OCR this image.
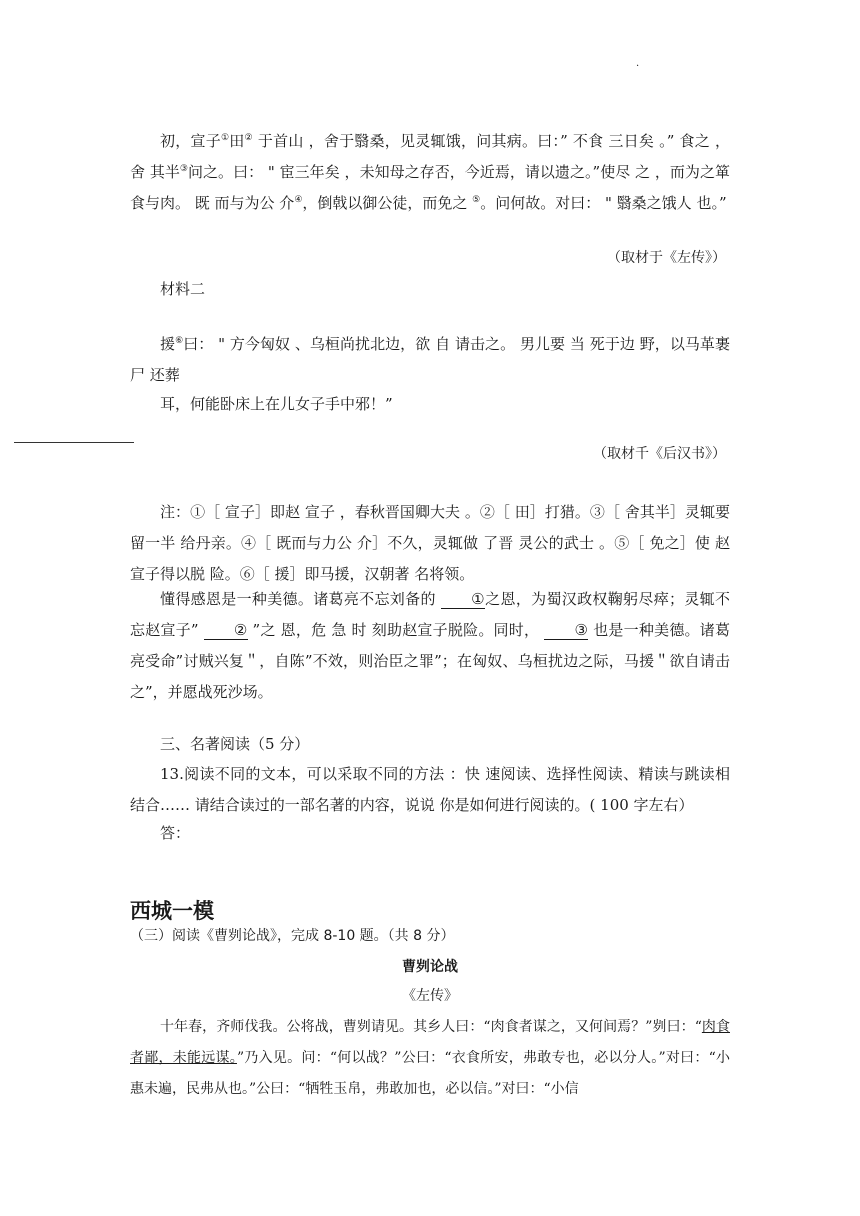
.

初，宣子①田② 于首山 ，舍于翳桑，见灵辄饿，问其病。曰：” 不食 三日矣 。” 食之 ，舍 其半③问之。曰： " 宦三年矣 ，未知母之存否，今近焉，请以遗之。”使尽 之 ，而为之箪食与肉。 既 而与为公 介④，倒戟以御公徒，而免之 ⑤。问何故。对曰： " 翳桑之饿人 也。”

（取材于《左传》）
材料二

援⑥曰： " 方今匈奴 、乌桓尚扰北边，欲 自 请击之。 男儿要 当 死于边 野，以马革裹尸 还葬

耳，何能卧床上在儿女子手中邪！”

（取材千《后汉书》）

注：①［ 宣子］即赵 宣子 ，春秋晋国卿大夫 。②［ 田］打猎。③［ 舍其半］灵辄要 留一半 给丹亲。④［ 既而与力公 介］不久，灵辄做 了晋 灵公的武士 。⑤［ 免之］使 赵宣子得以脱 险。⑥［ 援］即马援，汉朝著 名将领。

懂得感恩是一种美德。诸葛亮不忘刘备的 ①之恩，为蜀汉政权鞠躬尽瘁；灵辄不忘赵宣子” ② ”之 恩，危 急 时 刻助赵宣子脱险。同时， ③ 也是一种美德。诸葛亮受命”讨贼兴复＂，自陈”不效，则治臣之罪”；在匈奴、乌桓扰边之际，马援＂欲自请击之”，并愿战死沙场。

三、名著阅读（5 分）

13.阅读不同的文本，可以采取不同的方法 ：快 速阅读、选择性阅读、精读与跳读相结合…… 请结合读过的一部名著的内容，说说 你是如何进行阅读的。( 100 字左右）

答：
西城一模
（三）阅读《曹刿论战》，完成 8-10 题。（共 8 分）
曹刿论战
《左传》

十年春，齐师伐我。公将战，曹刿请见。其乡人曰：“肉食者谋之，又何间焉？”刿曰：“肉食者鄙，未能远谋。”乃入见。问：“何以战？”公曰：“衣食所安，弗敢专也，必以分人。”对曰：“小惠未遍，民弗从也。”公曰：“牺牲玉帛，弗敢加也，必以信。”对曰：“小信
